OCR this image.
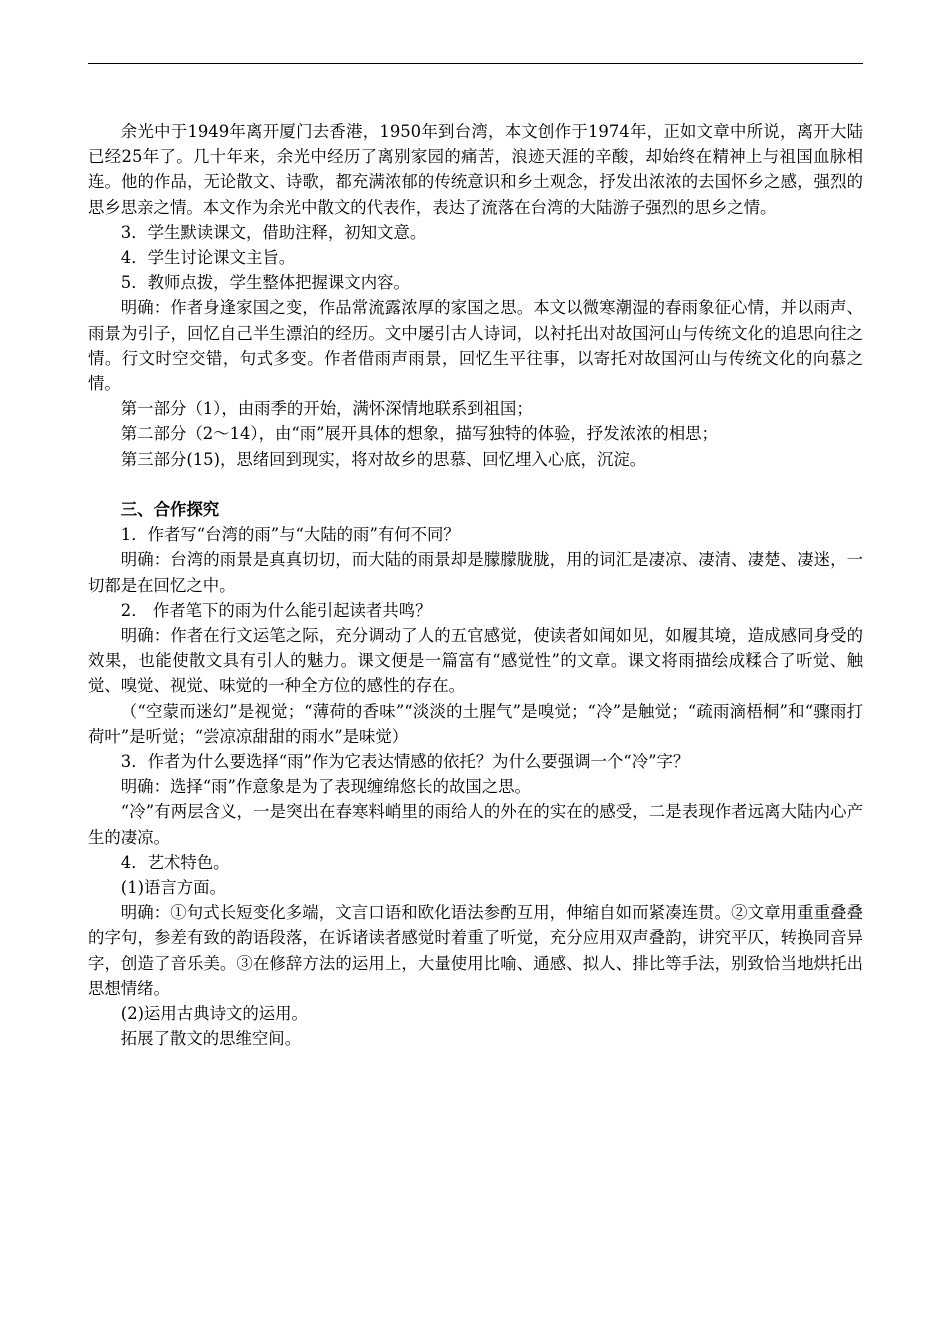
余光中于1949年离开厦门去香港，1950年到台湾，本文创作于1974年，正如文章中所说，离开大陆已经25年了。几十年来，余光中经历了离别家园的痛苦，浪迹天涯的辛酸，却始终在精神上与祖国血脉相连。他的作品，无论散文、诗歌，都充满浓郁的传统意识和乡土观念，抒发出浓浓的去国怀乡之感，强烈的思乡思亲之情。本文作为余光中散文的代表作，表达了流落在台湾的大陆游子强烈的思乡之情。

3．学生默读课文，借助注释，初知文意。

4．学生讨论课文主旨。

5．教师点拨，学生整体把握课文内容。

明确：作者身逢家国之变，作品常流露浓厚的家国之思。本文以微寒潮湿的春雨象征心情，并以雨声、雨景为引子，回忆自己半生漂泊的经历。文中屡引古人诗词，以衬托出对故国河山与传统文化的追思向往之情。行文时空交错，句式多变。作者借雨声雨景，回忆生平往事，以寄托对故国河山与传统文化的向慕之情。

第一部分（1），由雨季的开始，满怀深情地联系到祖国；

第二部分（2～14），由“雨”展开具体的想象，描写独特的体验，抒发浓浓的相思；

第三部分(15)，思绪回到现实，将对故乡的思慕、回忆埋入心底，沉淀。

三、合作探究

1．作者写“台湾的雨”与“大陆的雨”有何不同？

明确：台湾的雨景是真真切切，而大陆的雨景却是朦朦胧胧，用的词汇是凄凉、凄清、凄楚、凄迷，一切都是在回忆之中。

2． 作者笔下的雨为什么能引起读者共鸣？

明确：作者在行文运笔之际，充分调动了人的五官感觉，使读者如闻如见，如履其境，造成感同身受的效果，也能使散文具有引人的魅力。课文便是一篇富有“感觉性”的文章。课文将雨描绘成糅合了听觉、触觉、嗅觉、视觉、味觉的一种全方位的感性的存在。

（“空蒙而迷幻”是视觉；“薄荷的香味”“淡淡的土腥气”是嗅觉；“冷”是触觉；“疏雨滴梧桐”和“骤雨打荷叶”是听觉；“尝凉凉甜甜的雨水”是味觉）

3．作者为什么要选择“雨”作为它表达情感的依托？为什么要强调一个“冷”字？

明确：选择“雨”作意象是为了表现缠绵悠长的故国之思。

“冷”有两层含义，一是突出在春寒料峭里的雨给人的外在的实在的感受，二是表现作者远离大陆内心产生的凄凉。

4．艺术特色。

(1)语言方面。

明确：①句式长短变化多端，文言口语和欧化语法参酌互用，伸缩自如而紧凑连贯。②文章用重重叠叠的字句，参差有致的韵语段落，在诉诸读者感觉时着重了听觉，充分应用双声叠韵，讲究平仄，转换同音异字，创造了音乐美。③在修辞方法的运用上，大量使用比喻、通感、拟人、排比等手法，别致恰当地烘托出思想情绪。

(2)运用古典诗文的运用。

拓展了散文的思维空间。
